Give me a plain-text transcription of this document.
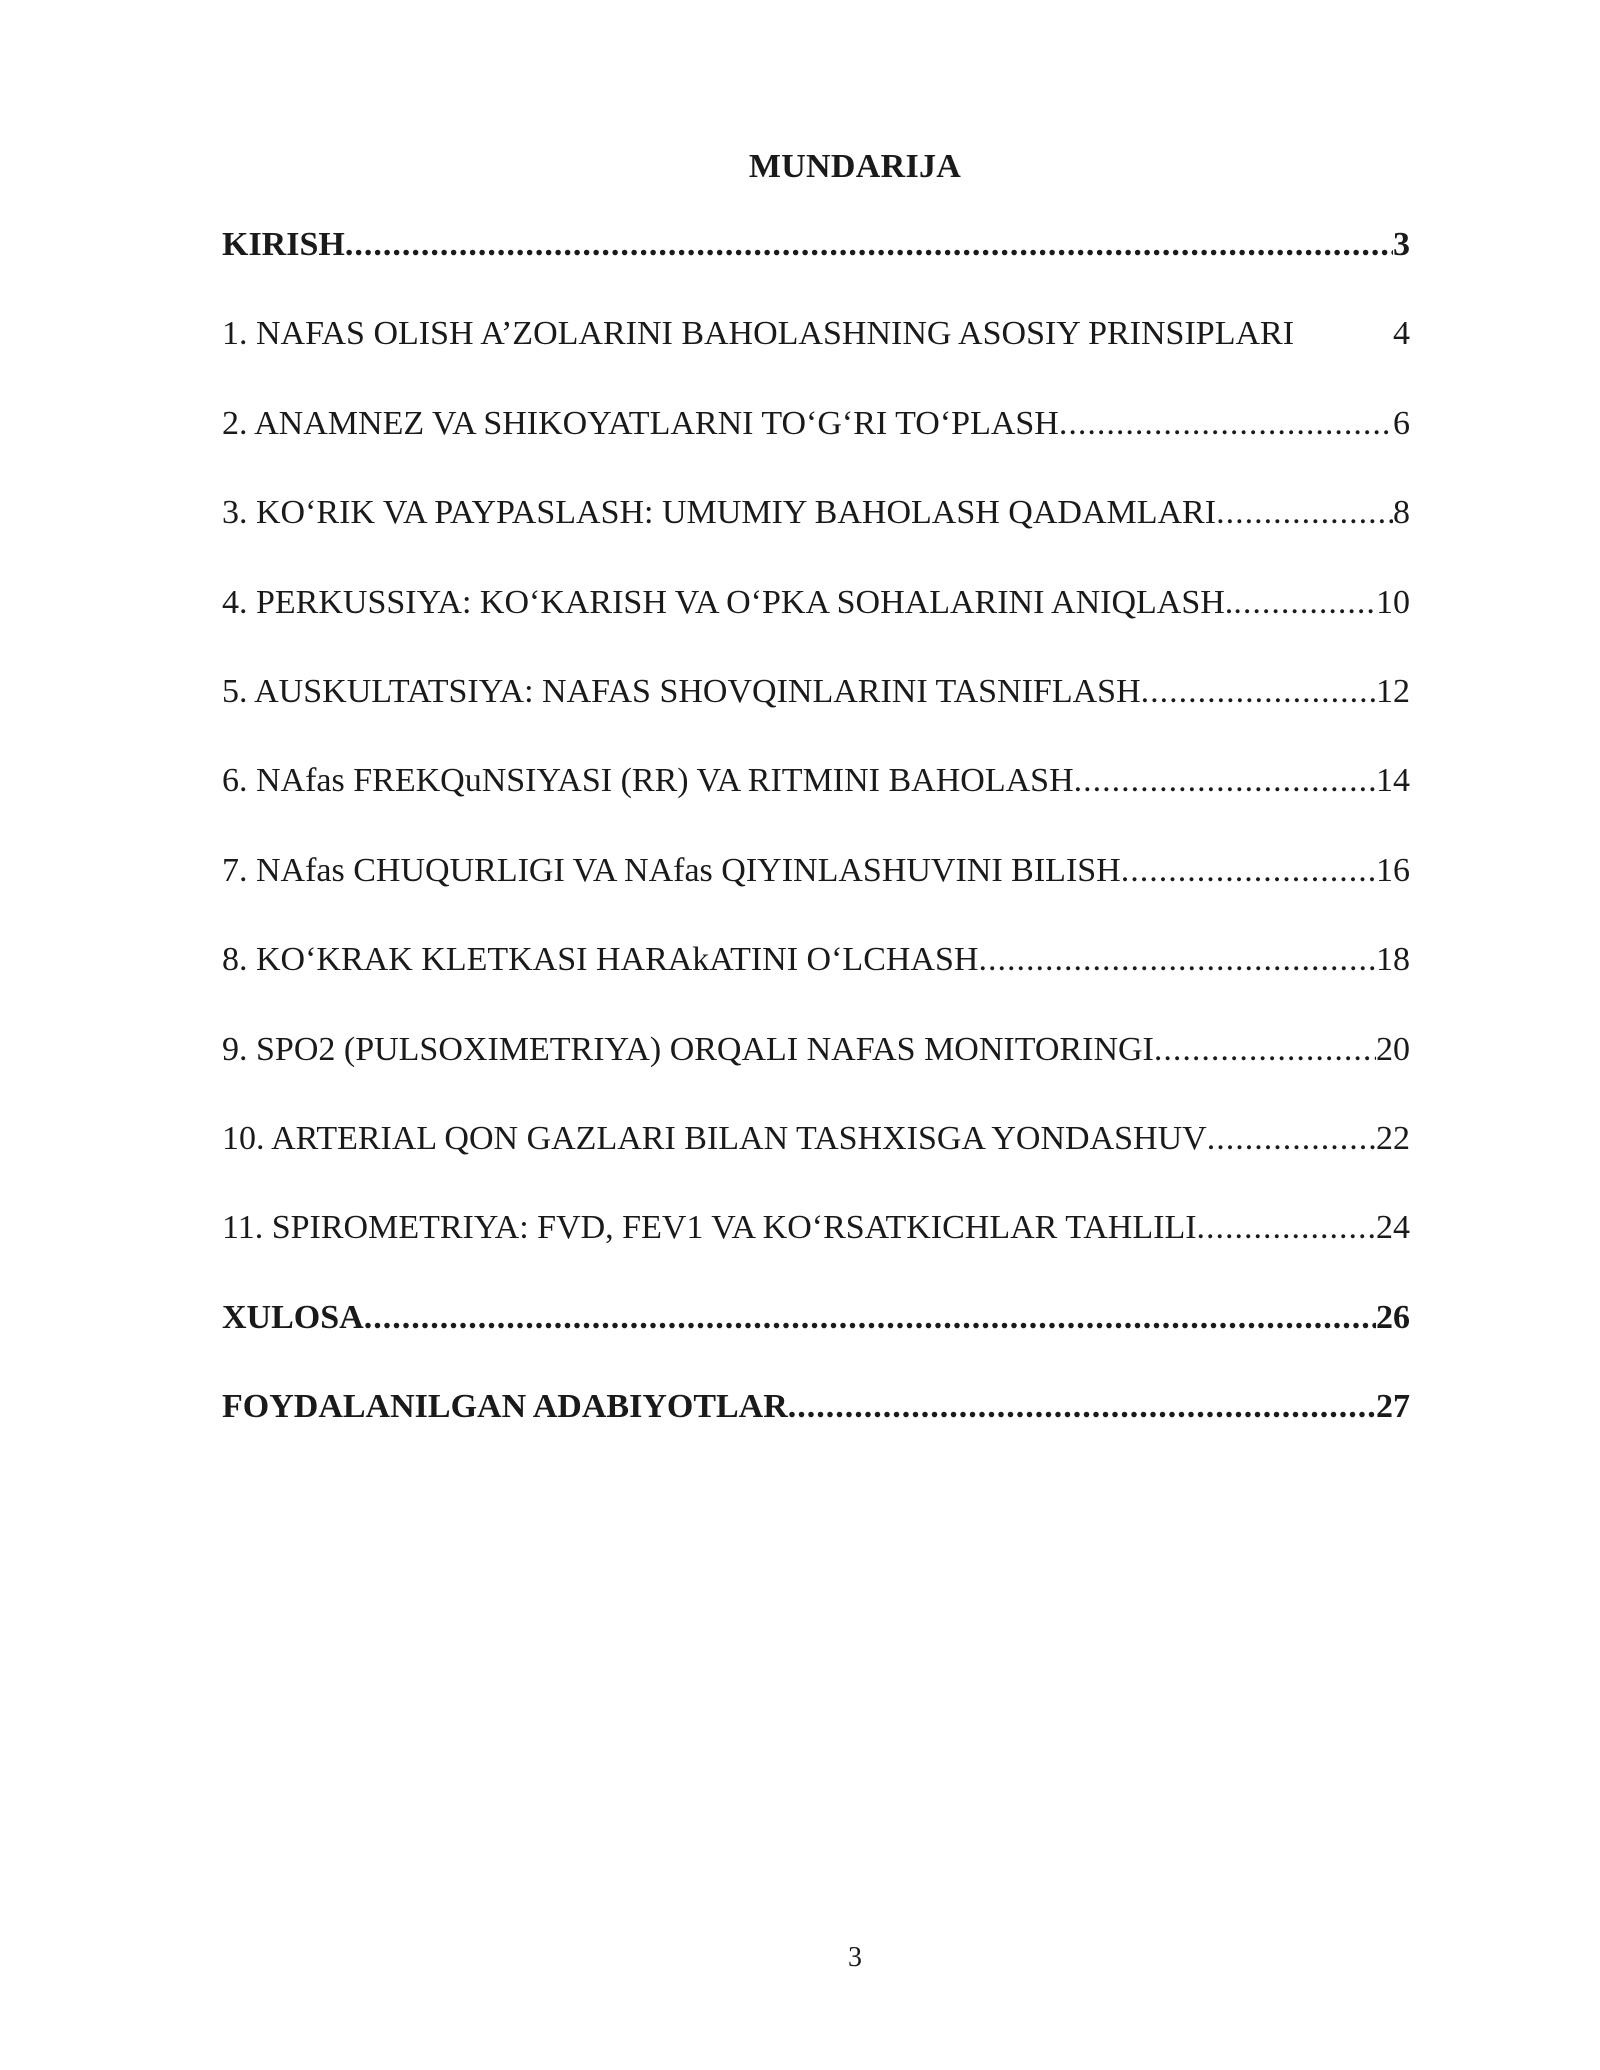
MUNDARIJA
KIRISH .....	3
1. NAFAS OLISH A’ZOLARINI BAHOLASHNING ASOSIY PRINSIPLARI	4
2. ANAMNEZ VA SHIKOYATLARNI TO‘G‘RI TO‘PLASH .....	6
3. KO‘RIK VA PAYPASLASH: UMUMIY BAHOLASH QADAMLARI .....	8
4. PERKUSSIYA: KO‘KARISH VA O‘PKA SOHALARINI ANIQLASH. .....	10
5. AUSKULTATSIYA: NAFAS SHOVQINLARINI TASNIFLASH .....	12
6. NAfas FREKQuNSIYASI (RR) VA RITMINI BAHOLASH .....	14
7. NAfas CHUQURLIGI VA NAfas QIYINLASHUVINI BILISH .....	16
8. KO‘KRAK KLETKASI HARAkATINI O‘LCHASH .....	18
9. SPO2 (PULSOXIMETRIYA) ORQALI NAFAS MONITORINGI .....	20
10. ARTERIAL QON GAZLARI BILAN TASHXISGA YONDASHUV .....	22
11. SPIROMETRIYA: FVD, FEV1 VA KO‘RSATKICHLAR TAHLILI .....	24
XULOSA .....	26
FOYDALANILGAN ADABIYOTLAR .....	27
3
